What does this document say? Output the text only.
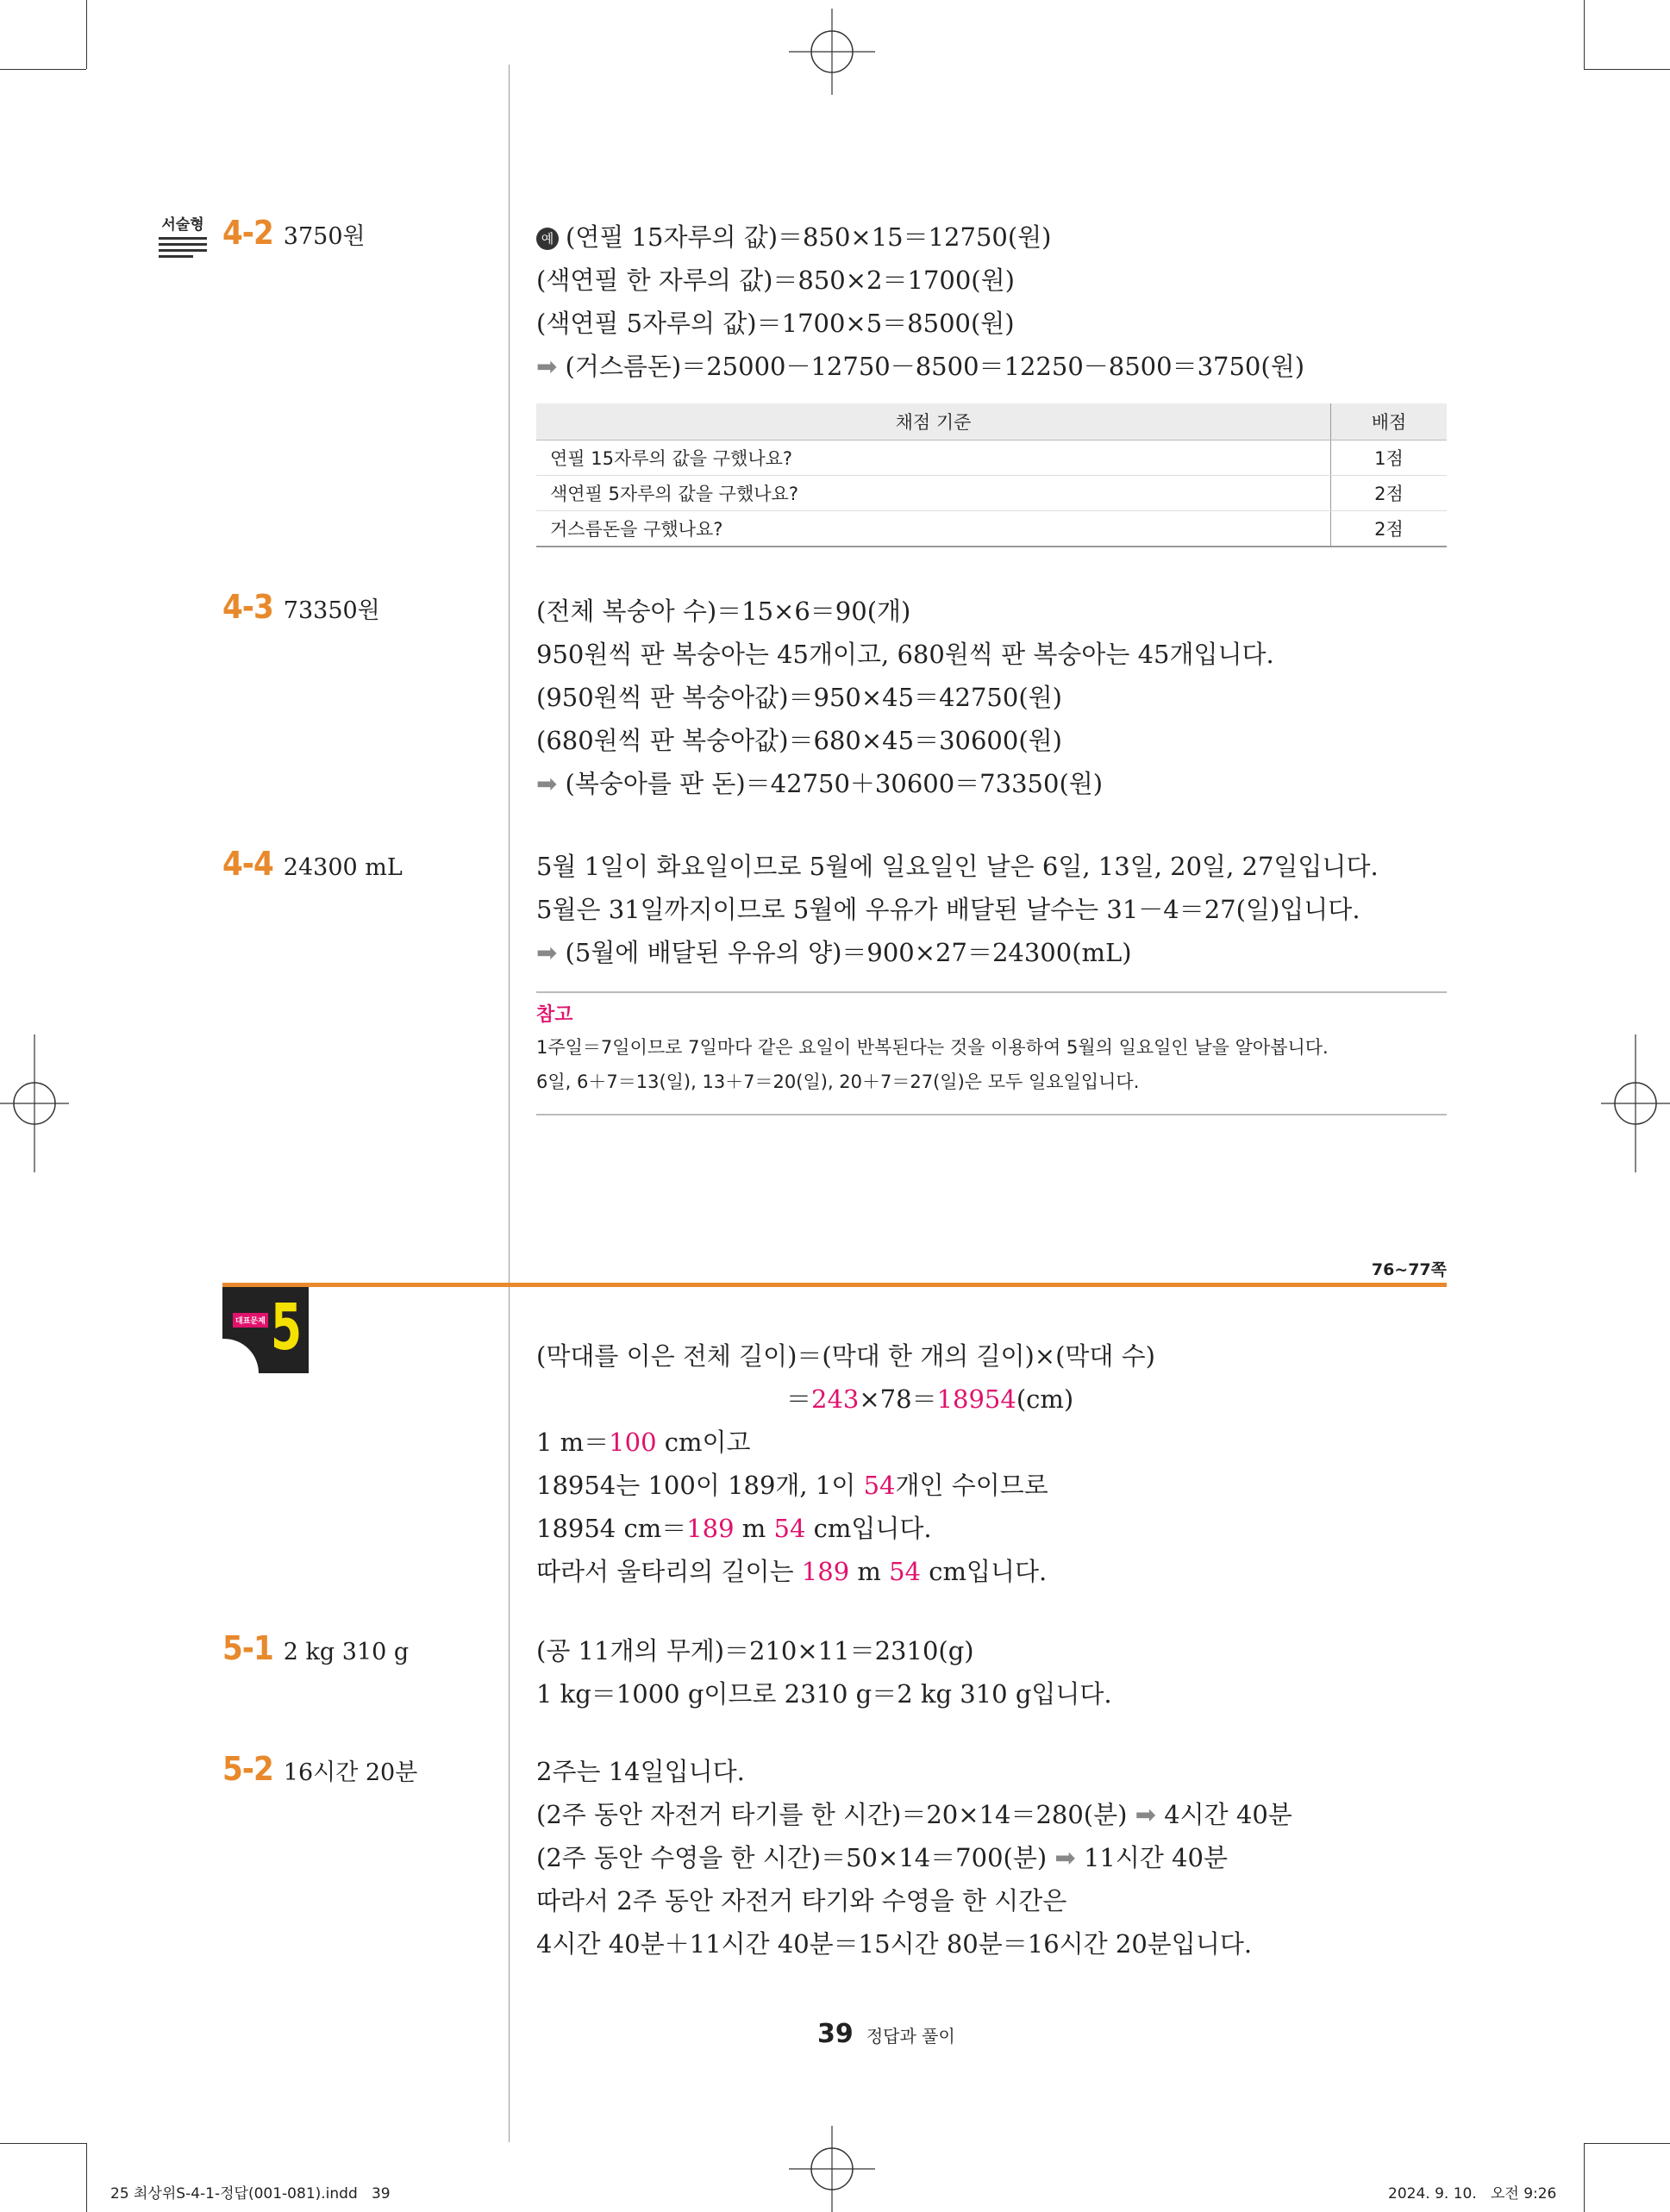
서술형 4-2 3750원	예 (연필 15자루의 값)＝850×15＝12750(원)
(색연필 한 자루의 값)＝850×2＝1700(원)
(색연필 5자루의 값)＝1700×5＝8500(원)
➡ (거스름돈)＝25000－12750－8500＝12250－8500＝3750(원)
채점 기준	배점
연필 15자루의 값을 구했나요?	1점
색연필 5자루의 값을 구했나요?	2점
거스름돈을 구했나요?	2점
4-3 73350원	(전체 복숭아 수)＝15×6＝90(개)
950원씩 판 복숭아는 45개이고, 680원씩 판 복숭아는 45개입니다.
(950원씩 판 복숭아값)＝950×45＝42750(원)
(680원씩 판 복숭아값)＝680×45＝30600(원)
➡ (복숭아를 판 돈)＝42750＋30600＝73350(원)
4-4 24300 mL	5월 1일이 화요일이므로 5월에 일요일인 날은 6일, 13일, 20일, 27일입니다.
5월은 31일까지이므로 5월에 우유가 배달된 날수는 31－4＝27(일)입니다.
➡ (5월에 배달된 우유의 양)＝900×27＝24300(mL)
참고
1주일＝7일이므로 7일마다 같은 요일이 반복된다는 것을 이용하여 5월의 일요일인 날을 알아봅니다.
6일, 6＋7＝13(일), 13＋7＝20(일), 20＋7＝27(일)은 모두 일요일입니다.
76~77쪽
대표문제 5	(막대를 이은 전체 길이)＝(막대 한 개의 길이)×(막대 수)
＝243×78＝18954(cm)
1 m＝100 cm이고
18954는 100이 189개, 1이 54개인 수이므로
18954 cm＝189 m 54 cm입니다.
따라서 울타리의 길이는 189 m 54 cm입니다.
5-1 2 kg 310 g	(공 11개의 무게)＝210×11＝2310(g)
1 kg＝1000 g이므로 2310 g＝2 kg 310 g입니다.
5-2 16시간 20분	2주는 14일입니다.
(2주 동안 자전거 타기를 한 시간)＝20×14＝280(분) ➡ 4시간 40분
(2주 동안 수영을 한 시간)＝50×14＝700(분) ➡ 11시간 40분
따라서 2주 동안 자전거 타기와 수영을 한 시간은
4시간 40분＋11시간 40분＝15시간 80분＝16시간 20분입니다.
39 정답과 풀이
25 최상위S-4-1-정답(001-081).indd   39	2024. 9. 10.   오전 9:26
